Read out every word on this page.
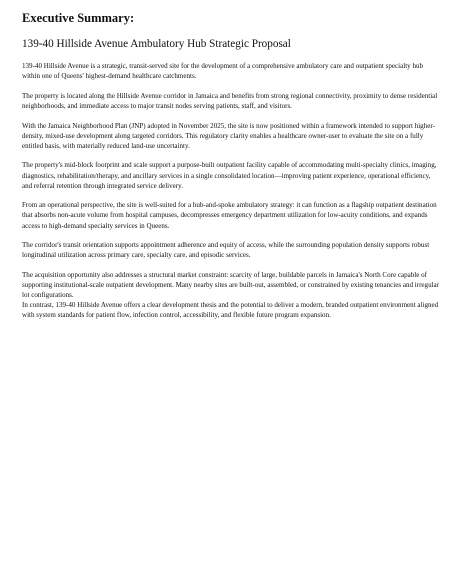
Executive Summary:
139-40 Hillside Avenue Ambulatory Hub Strategic Proposal

139-40 Hillside Avenue is a strategic, transit-served site for the development of a comprehensive ambulatory care and outpatient specialty hub within one of Queens' highest-demand healthcare catchments.

The property is located along the Hillside Avenue corridor in Jamaica and benefits from strong regional connectivity, proximity to dense residential neighborhoods, and immediate access to major transit nodes serving patients, staff, and visitors.

With the Jamaica Neighborhood Plan (JNP) adopted in November 2025, the site is now positioned within a framework intended to support higher-density, mixed-use development along targeted corridors. This regulatory clarity enables a healthcare owner-user to evaluate the site on a fully entitled basis, with materially reduced land-use uncertainty.

The property's mid-block footprint and scale support a purpose-built outpatient facility capable of accommodating multi-specialty clinics, imaging, diagnostics, rehabilitation/therapy, and ancillary services in a single consolidated location—improving patient experience, operational efficiency, and referral retention through integrated service delivery.

From an operational perspective, the site is well-suited for a hub-and-spoke ambulatory strategy: it can function as a flagship outpatient destination that absorbs non-acute volume from hospital campuses, decompresses emergency department utilization for low-acuity conditions, and expands access to high-demand specialty services in Queens.

The corridor's transit orientation supports appointment adherence and equity of access, while the surrounding population density supports robust longitudinal utilization across primary care, specialty care, and episodic services.

The acquisition opportunity also addresses a structural market constraint: scarcity of large, buildable parcels in Jamaica's North Core capable of supporting institutional-scale outpatient development. Many nearby sites are built-out, assembled, or constrained by existing tenancies and irregular lot configurations.

In contrast, 139-40 Hillside Avenue offers a clear development thesis and the potential to deliver a modern, branded outpatient environment aligned with system standards for patient flow, infection control, accessibility, and flexible future program expansion.
